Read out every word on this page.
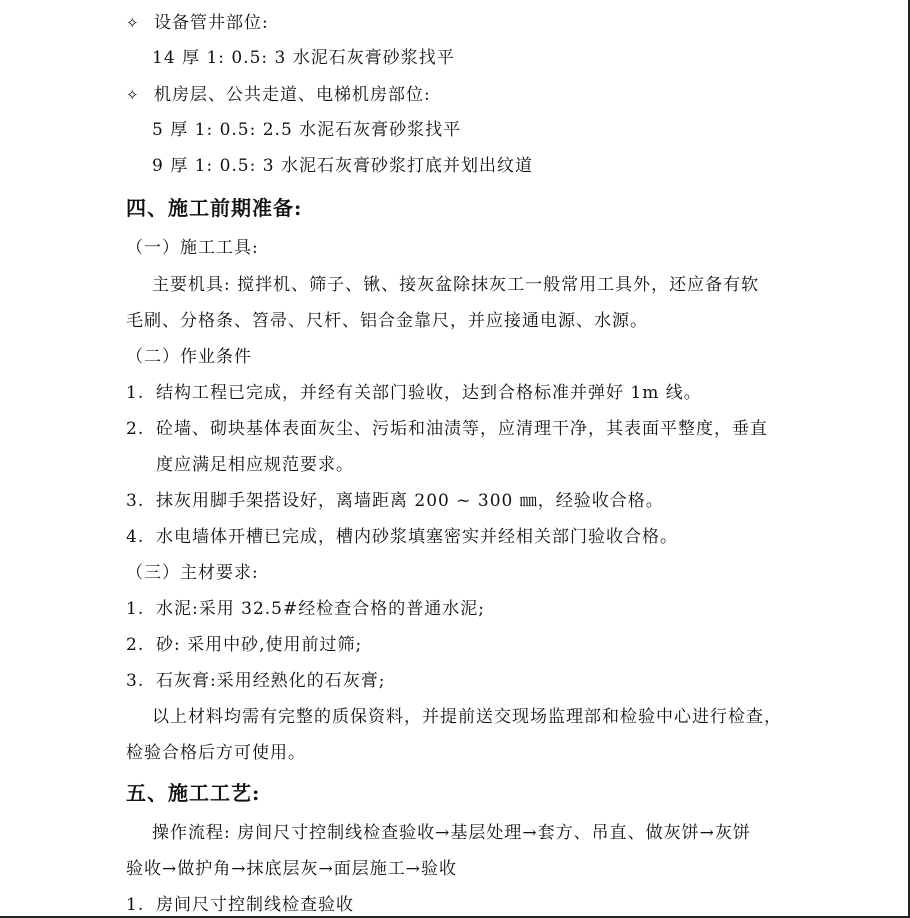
✧ 设备管井部位:
14 厚 1: 0.5: 3 水泥石灰膏砂浆找平
✧ 机房层、公共走道、电梯机房部位:
5 厚 1: 0.5: 2.5 水泥石灰膏砂浆找平
9 厚 1: 0.5: 3 水泥石灰膏砂浆打底并划出纹道
四、施工前期准备:
（一）施工工具:
主要机具: 搅拌机、筛子、锹、接灰盆除抹灰工一般常用工具外，还应备有软
毛刷、分格条、笤帚、尺杆、铝合金靠尺，并应接通电源、水源。
（二）作业条件
1. 结构工程已完成，并经有关部门验收，达到合格标准并弹好 1m 线。
2. 砼墙、砌块基体表面灰尘、污垢和油渍等，应清理干净，其表面平整度，垂直
度应满足相应规范要求。
3. 抹灰用脚手架搭设好，离墙距离 200 ~ 300 ㎜，经验收合格。
4. 水电墙体开槽已完成，槽内砂浆填塞密实并经相关部门验收合格。
（三）主材要求:
1. 水泥:采用 32.5#经检查合格的普通水泥;
2. 砂: 采用中砂,使用前过筛;
3. 石灰膏:采用经熟化的石灰膏;
以上材料均需有完整的质保资料，并提前送交现场监理部和检验中心进行检查，
检验合格后方可使用。
五、施工工艺:
操作流程: 房间尺寸控制线检查验收→基层处理→套方、吊直、做灰饼→灰饼
验收→做护角→抹底层灰→面层施工→验收
1. 房间尺寸控制线检查验收
